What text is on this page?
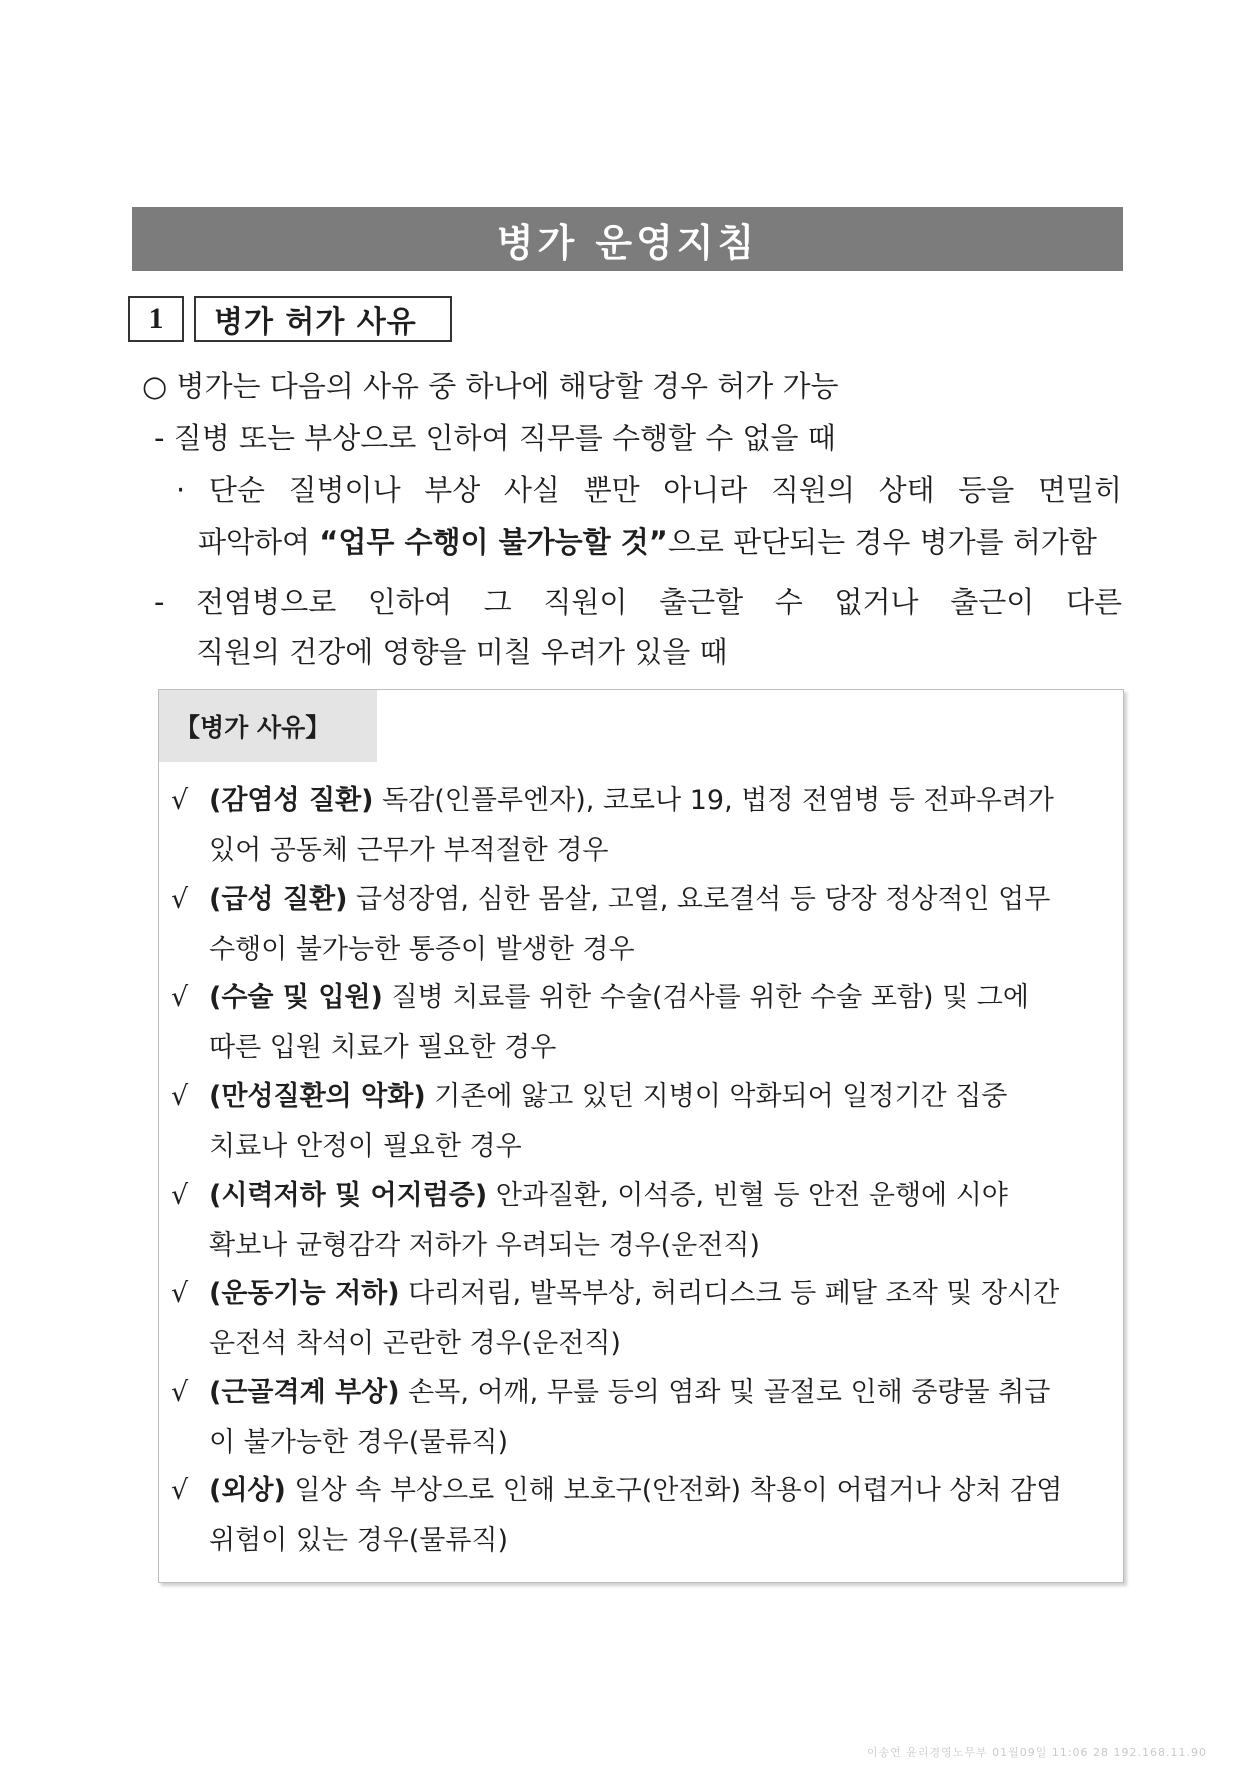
병가 운영지침
1	병가 허가 사유
○ 병가는 다음의 사유 중 하나에 해당할 경우 허가 가능
- 질병 또는 부상으로 인하여 직무를 수행할 수 없을 때
· 단순 질병이나 부상 사실 뿐만 아니라 직원의 상태 등을 면밀히
파악하여 “업무 수행이 불가능할 것”으로 판단되는 경우 병가를 허가함
- 전염병으로 인하여 그 직원이 출근할 수 없거나 출근이 다른
직원의 건강에 영향을 미칠 우려가 있을 때
【병가 사유】
√ (감염성 질환) 독감(인플루엔자), 코로나 19, 법정 전염병 등 전파우려가
있어 공동체 근무가 부적절한 경우
√ (급성 질환) 급성장염, 심한 몸살, 고열, 요로결석 등 당장 정상적인 업무
수행이 불가능한 통증이 발생한 경우
√ (수술 및 입원) 질병 치료를 위한 수술(검사를 위한 수술 포함) 및 그에
따른 입원 치료가 필요한 경우
√ (만성질환의 악화) 기존에 앓고 있던 지병이 악화되어 일정기간 집중
치료나 안정이 필요한 경우
√ (시력저하 및 어지럼증) 안과질환, 이석증, 빈혈 등 안전 운행에 시야
확보나 균형감각 저하가 우려되는 경우(운전직)
√ (운동기능 저하) 다리저림, 발목부상, 허리디스크 등 페달 조작 및 장시간
운전석 착석이 곤란한 경우(운전직)
√ (근골격계 부상) 손목, 어깨, 무릎 등의 염좌 및 골절로 인해 중량물 취급
이 불가능한 경우(물류직)
√ (외상) 일상 속 부상으로 인해 보호구(안전화) 착용이 어렵거나 상처 감염
위험이 있는 경우(물류직)
이송연 윤리경영노무부 01월09일 11:06 28 192.168.11.90
